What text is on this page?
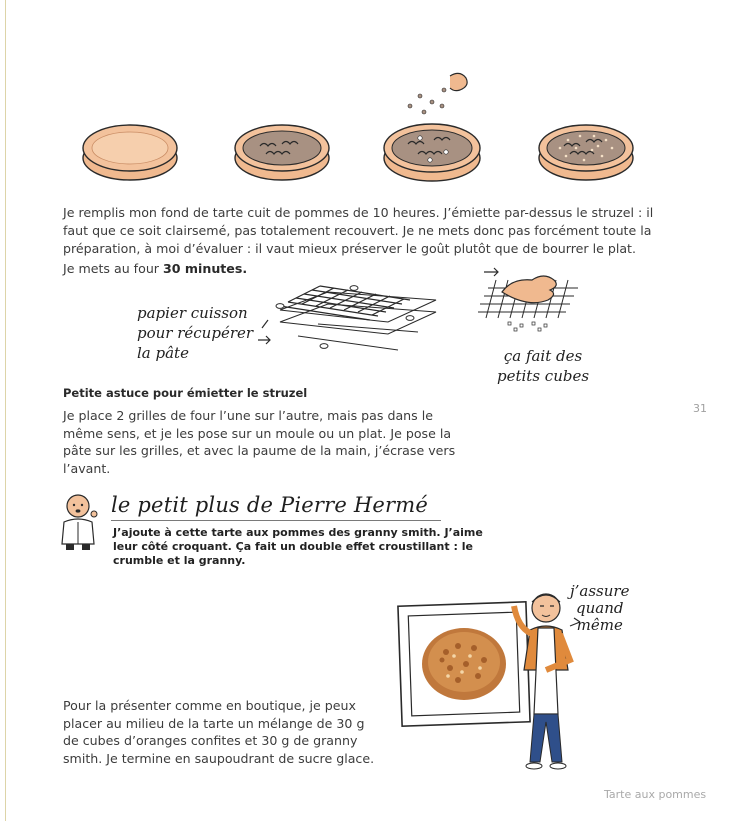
Je remplis mon fond de tarte cuit de pommes de 10 heures. J’émiette par-dessus le struzel : il faut que ce soit clairsemé, pas totalement recouvert. Je ne mets donc pas forcément toute la préparation, à moi d’évaluer : il vaut mieux préserver le goût plutôt que de bourrer le plat.

Je mets au four 30 minutes.

papier cuisson
pour récupérer
la pâte	ça fait des
petits cubes
Petite astuce pour émietter le struzel

Je place 2 grilles de four l’une sur l’autre, mais pas dans le même sens, et je les pose sur un moule ou un plat. Je pose la pâte sur les grilles, et avec la paume de la main, j’écrase vers l’avant.

31
le petit plus de Pierre Hermé

J’ajoute à cette tarte aux pommes des granny smith. J’aime leur côté croquant. Ça fait un double effet croustillant : le crumble et la granny.

j’assure
quand
même

Pour la présenter comme en boutique, je peux placer au milieu de la tarte un mélange de 30 g de cubes d’oranges confites et 30 g de granny smith. Je termine en saupoudrant de sucre glace.

Tarte aux pommes
